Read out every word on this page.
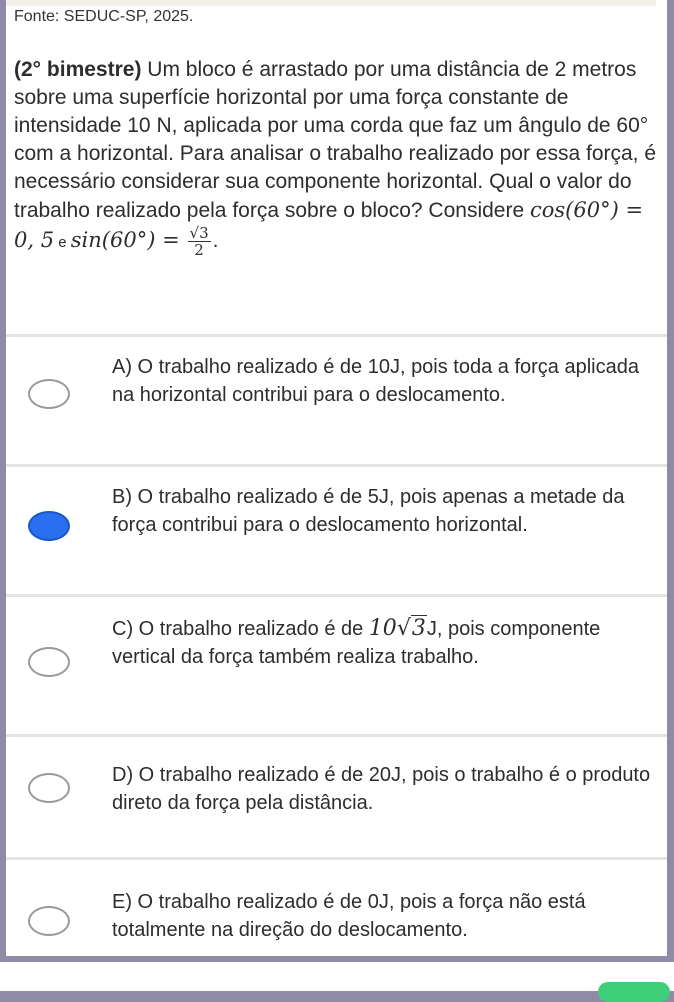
Fonte: SEDUC-SP, 2025.
(2° bimestre) Um bloco é arrastado por uma distância de 2 metros sobre uma superfície horizontal por uma força constante de intensidade 10 N, aplicada por uma corda que faz um ângulo de 60° com a horizontal. Para analisar o trabalho realizado por essa força, é necessário considerar sua componente horizontal. Qual o valor do trabalho realizado pela força sobre o bloco? Considere cos(60°) =
0, 5 e $\sin(60^\circ) = \frac{√3}{2}$ .
A) O trabalho realizado é de 10J, pois toda a força aplicada na horizontal contribui para o deslocamento.
B) O trabalho realizado é de 5J, pois apenas a metade da força contribui para o deslocamento horizontal.
C) O trabalho realizado é de 10√3J, pois componente vertical da força também realiza trabalho.
D) O trabalho realizado é de 20J, pois o trabalho é o produto direto da força pela distância.
E) O trabalho realizado é de 0J, pois a força não está totalmente na direção do deslocamento.
